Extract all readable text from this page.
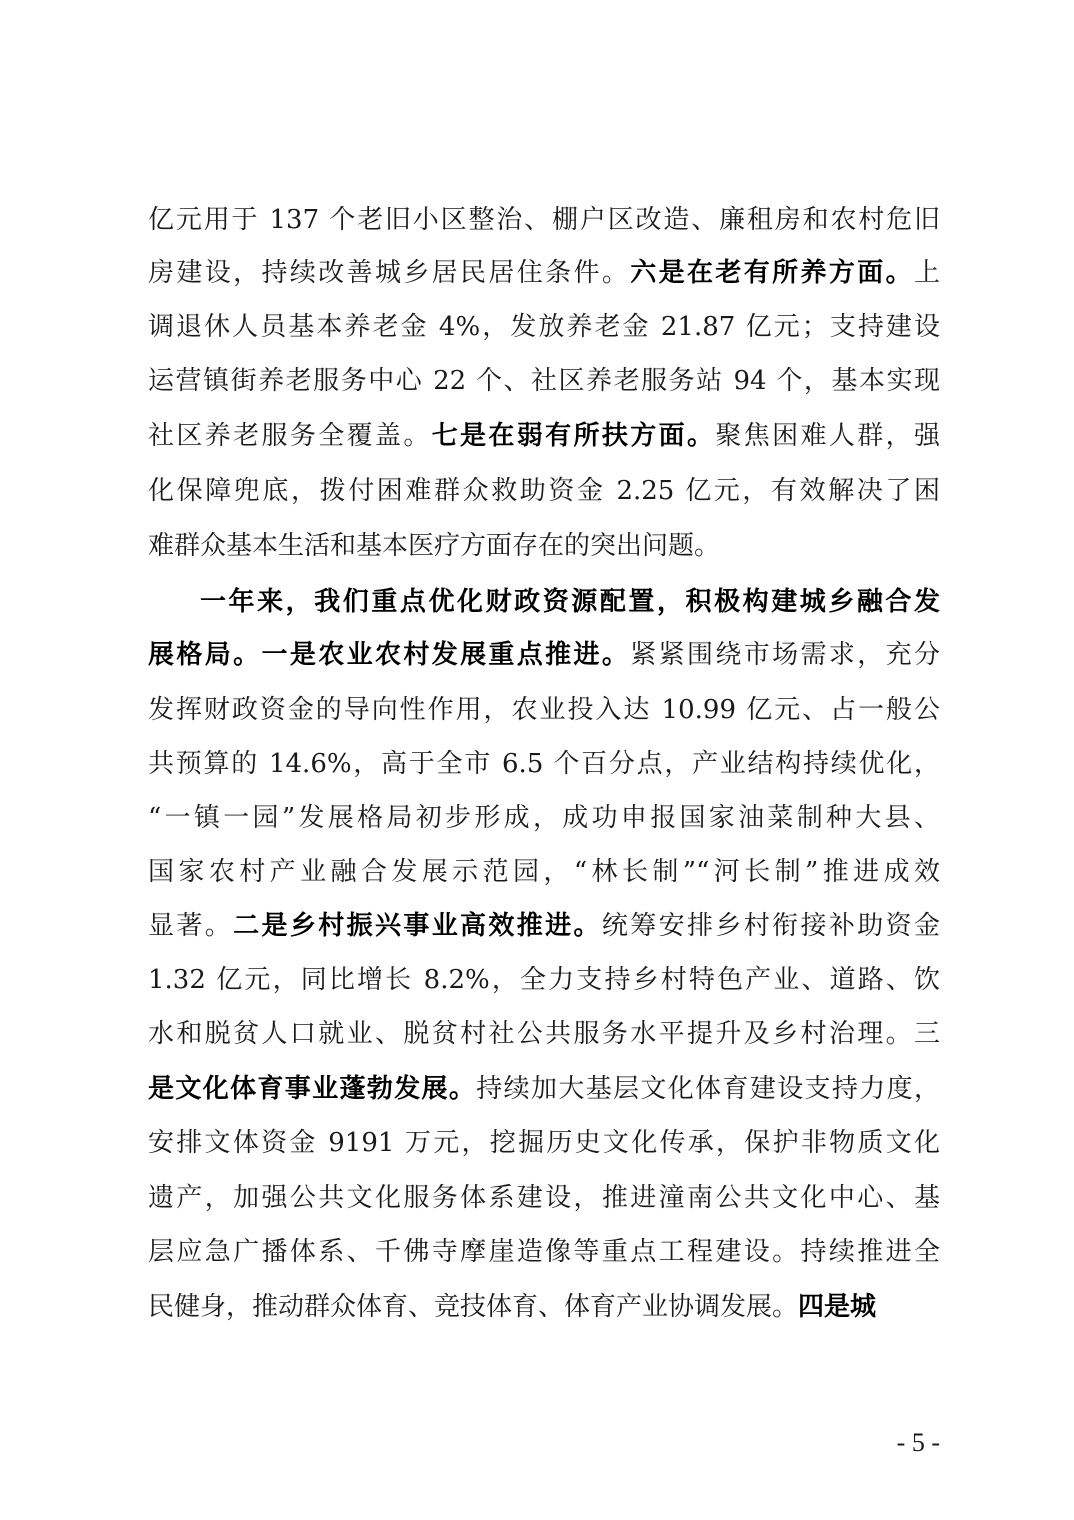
亿元用于 137 个老旧小区整治、棚户区改造、廉租房和农村危旧
房建设，持续改善城乡居民居住条件。六是在老有所养方面。上
调退休人员基本养老金 4%，发放养老金 21.87 亿元；支持建设
运营镇街养老服务中心 22 个、社区养老服务站 94 个，基本实现
社区养老服务全覆盖。七是在弱有所扶方面。聚焦困难人群，强
化保障兜底，拨付困难群众救助资金 2.25 亿元，有效解决了困
难群众基本生活和基本医疗方面存在的突出问题。
一年来，我们重点优化财政资源配置，积极构建城乡融合发
展格局。一是农业农村发展重点推进。紧紧围绕市场需求，充分
发挥财政资金的导向性作用，农业投入达 10.99 亿元、占一般公
共预算的 14.6%，高于全市 6.5 个百分点，产业结构持续优化，
“一镇一园”发展格局初步形成，成功申报国家油菜制种大县、
国家农村产业融合发展示范园，“林长制”“河长制”推进成效
显著。二是乡村振兴事业高效推进。统筹安排乡村衔接补助资金
1.32 亿元，同比增长 8.2%，全力支持乡村特色产业、道路、饮
水和脱贫人口就业、脱贫村社公共服务水平提升及乡村治理。三
是文化体育事业蓬勃发展。持续加大基层文化体育建设支持力度，
安排文体资金 9191 万元，挖掘历史文化传承，保护非物质文化
遗产，加强公共文化服务体系建设，推进潼南公共文化中心、基
层应急广播体系、千佛寺摩崖造像等重点工程建设。持续推进全
民健身，推动群众体育、竞技体育、体育产业协调发展。四是城
- 5 -
